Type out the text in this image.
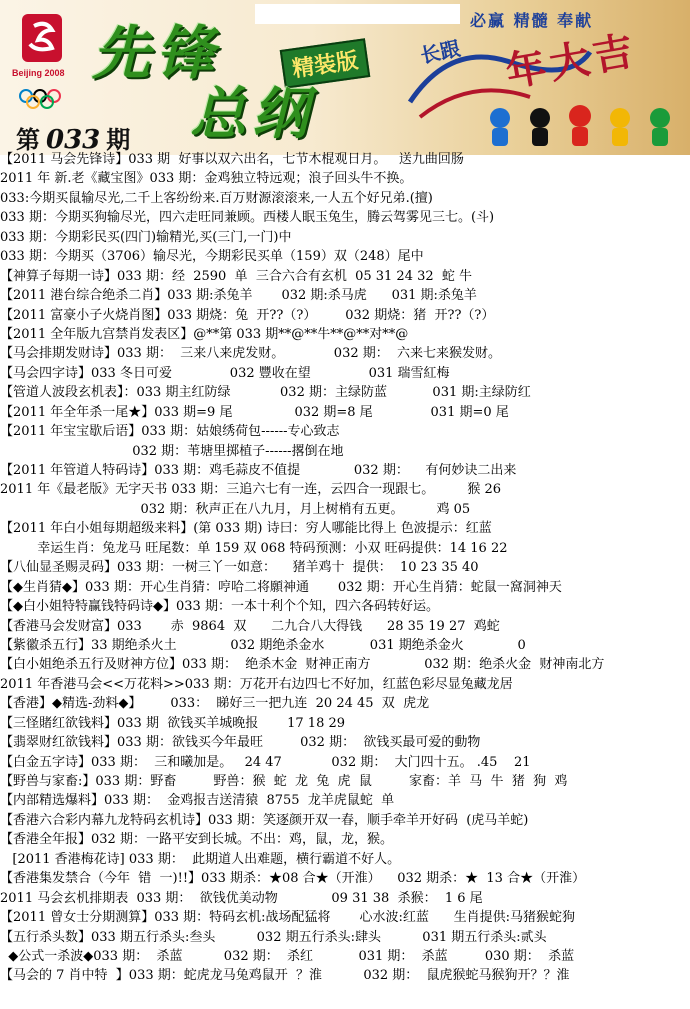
Beijing 2008 先锋	精装版
总纲
第 033 期
必赢 精髓 奉献
长跟 年大吉
【2011 马会先锋诗】033 期  好事以双六出名，七节木棍观日月。   送九曲回肠
2011 年 新.老《藏宝图》033 期：金鸡独立特远观；浪子回头牛不换。
033:今期买鼠输尽光,二千上客纷纷来.百万财源滚滚来,一人五个好兄弟.(擅)
033 期：今期买狗输尽光，四六走旺同兼顾。西楼人眠玉兔生，腾云驾雾见三七。(斗)
033 期：今期彩民买(四门)输精光,买(三门,一门)中
033 期：今期买（3706）输尽光，今期彩民买单（159）双（248）尾中
【神算子每期一诗】033 期：经  2590  单  三合六合有玄机  05 31 24 32  蛇 牛
【2011 港台综合绝杀二肖】033 期:杀兔羊       032 期:杀马虎      031 期:杀兔羊
【2011 富豪小子火烧肖图】033 期烧：兔  开??（?）       032 期烧：猪  开??（?）
【2011 全年版九宫禁肖发表区】@**第 033 期**@**牛**@**对**@
【马会排期发财诗】033 期：  三来八来虎发财。            032 期：  六来七来猴发财。
【马会四字诗】033 冬日可爱              032 豐收在望              031 瑞雪紅梅
【管道人波段玄机表】：033 期主红防绿            032 期：主绿防蓝           031 期:主绿防红
【2011 年全年杀一尾★】033 期=9 尾               032 期=8 尾              031 期=0 尾
【2011 年宝宝歇后语】033 期：姑娘绣荷包------专心致志
032 期：苇塘里掷植子------撂倒在地
【2011 年管道人特码诗】033 期：鸡毛蒜皮不值提             032 期：    有何妙诀二出来
2011 年《最老版》无字天书 033 期：三追六七有一连，云四合一现跟七。        猴 26
032 期：秋声正在八九月，月上树梢有五更。        鸡 05
【2011 年白小姐每期超级来料】(第 033 期) 诗曰：穷人哪能比得上 色波提示：红蓝
幸运生肖：兔龙马 旺尾数：单 159 双 068 特码预测：小双 旺码提供：14 16 22
【八仙显圣赐灵码】033 期：一树三丫一如意：    猪羊鸡十  提供：  10 23 35 40
【◆生肖猜◆】033 期：开心生肖猜：哼哈二将願神通       032 期：开心生肖猜：蛇鼠一窩洞神天
【◆白小姐特特赢钱特码诗◆】033 期：一本十利个个知，四六各码转好运。
【香港马会发财富】033       赤  9864  双      二九合八大得钱      28 35 19 27  鸡蛇
【紫徽杀五行】33 期绝杀火土             032 期绝杀金水           031 期绝杀金火             0
【白小姐绝杀五行及财神方位】033 期：  绝杀木金  财神正南方             032 期：绝杀火金  财神南北方
2011 年香港马会<<万花料>>033 期：万花开右边四七不好加，红蓝色彩尽显兔藏龙居
【香港】◆精选-劲料◆】       033：  睇好三一把九连  20 24 45  双  虎龙
【三怪賭红欲钱料】033 期  欲钱买羊城晚报       17 18 29
【翡翠财红欲钱料】033 期：欲钱买今年最旺         032 期：  欲钱买最可爱的動物
【白金五字诗】033 期：  三和曦加是。   24 47            032 期：  大门四十五。 .45    21
【野兽与家畜:】033 期：野畜         野兽：猴  蛇  龙  兔  虎  鼠         家畜：羊  马  牛  猪  狗  鸡
【内部精选爆料】033 期：  金鸡报吉送清猿  8755  龙羊虎鼠蛇  单
【香港六合彩内幕九龙特码玄机诗】033 期：笑逐颜开双一春，顺手牵羊开好码  (虎马羊蛇)
【香港全年报】032 期：一路平安到长城。不出：鸡，鼠，龙，猴。
[2011 香港梅花诗] 033 期：  此期道人出难题，横行霸道不好人。
【香港集发禁合（今年  错  一)!!】033 期杀：★08 合★（开淮）    032 期杀：★  13 合★（开淮）
2011 马会玄机排期表  033 期：  欲钱优美动物             09 31 38  杀猴：  1 6 尾
【2011 曾女士分期测算】033 期：特码玄机:战场配猛将       心水波:红蓝      生肖提供:马猪猴蛇狗
【五行杀头数】033 期五行杀头:叁头          032 期五行杀头:肆头          031 期五行杀头:贰头
◆公式一杀波◆033 期：  杀蓝          032 期：  杀红           031 期：  杀蓝         030 期：  杀蓝
【马会的 7 肖中特  】033 期：蛇虎龙马兔鸡鼠开  ？淮          032 期：  鼠虎猴蛇马猴狗开？？淮
